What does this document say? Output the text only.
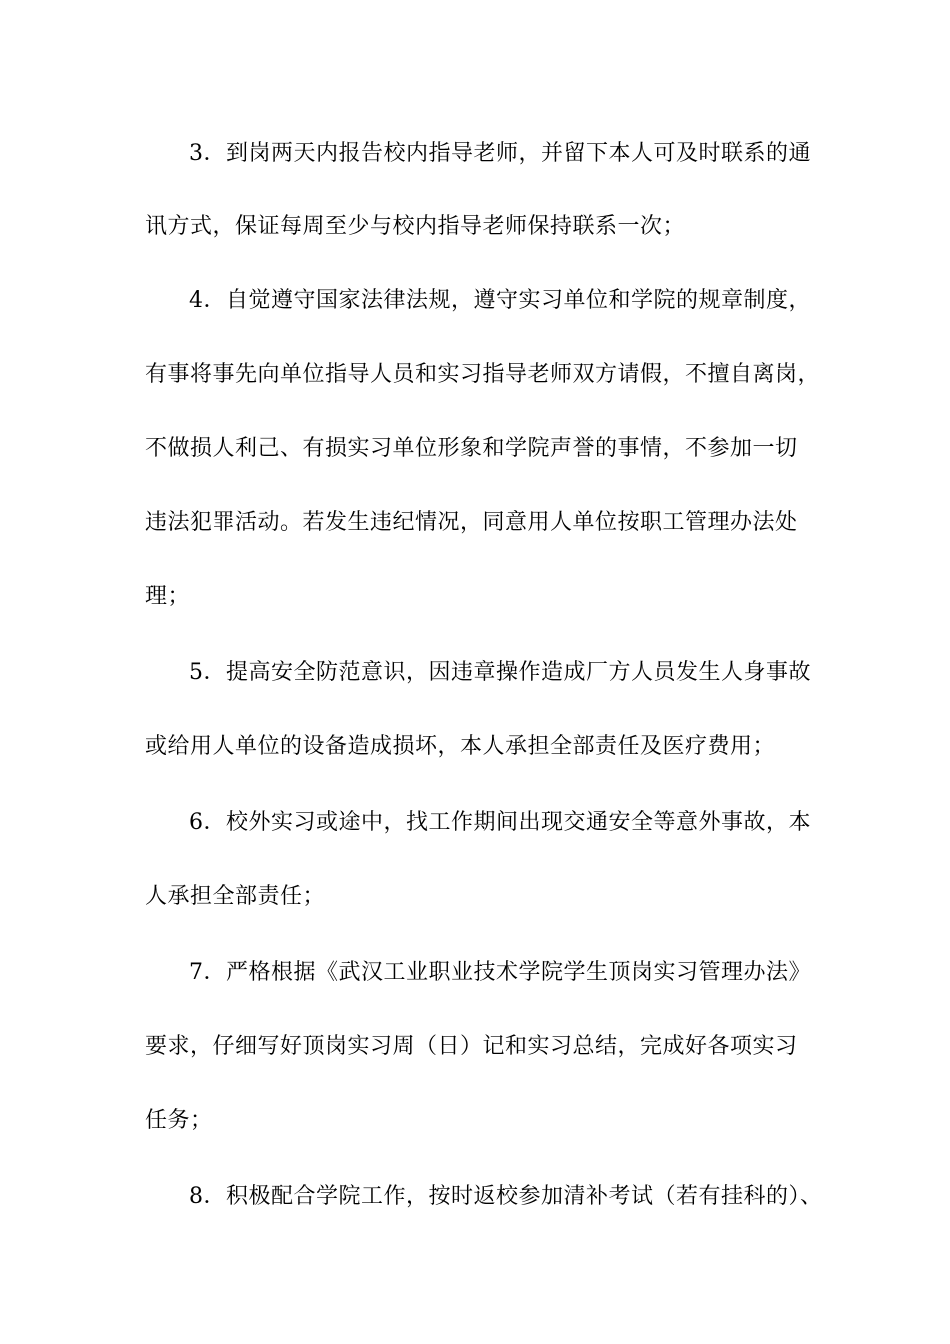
3．到岗两天内报告校内指导老师，并留下本人可及时联系的通
讯方式，保证每周至少与校内指导老师保持联系一次；
4．自觉遵守国家法律法规，遵守实习单位和学院的规章制度，
有事将事先向单位指导人员和实习指导老师双方请假，不擅自离岗，
不做损人利己、有损实习单位形象和学院声誉的事情，不参加一切
违法犯罪活动。若发生违纪情况，同意用人单位按职工管理办法处
理；
5．提高安全防范意识，因违章操作造成厂方人员发生人身事故
或给用人单位的设备造成损坏，本人承担全部责任及医疗费用；
6．校外实习或途中，找工作期间出现交通安全等意外事故，本
人承担全部责任；
7．严格根据《武汉工业职业技术学院学生顶岗实习管理办法》
要求，仔细写好顶岗实习周（日）记和实习总结，完成好各项实习
任务；
8．积极配合学院工作，按时返校参加清补考试（若有挂科的）、
